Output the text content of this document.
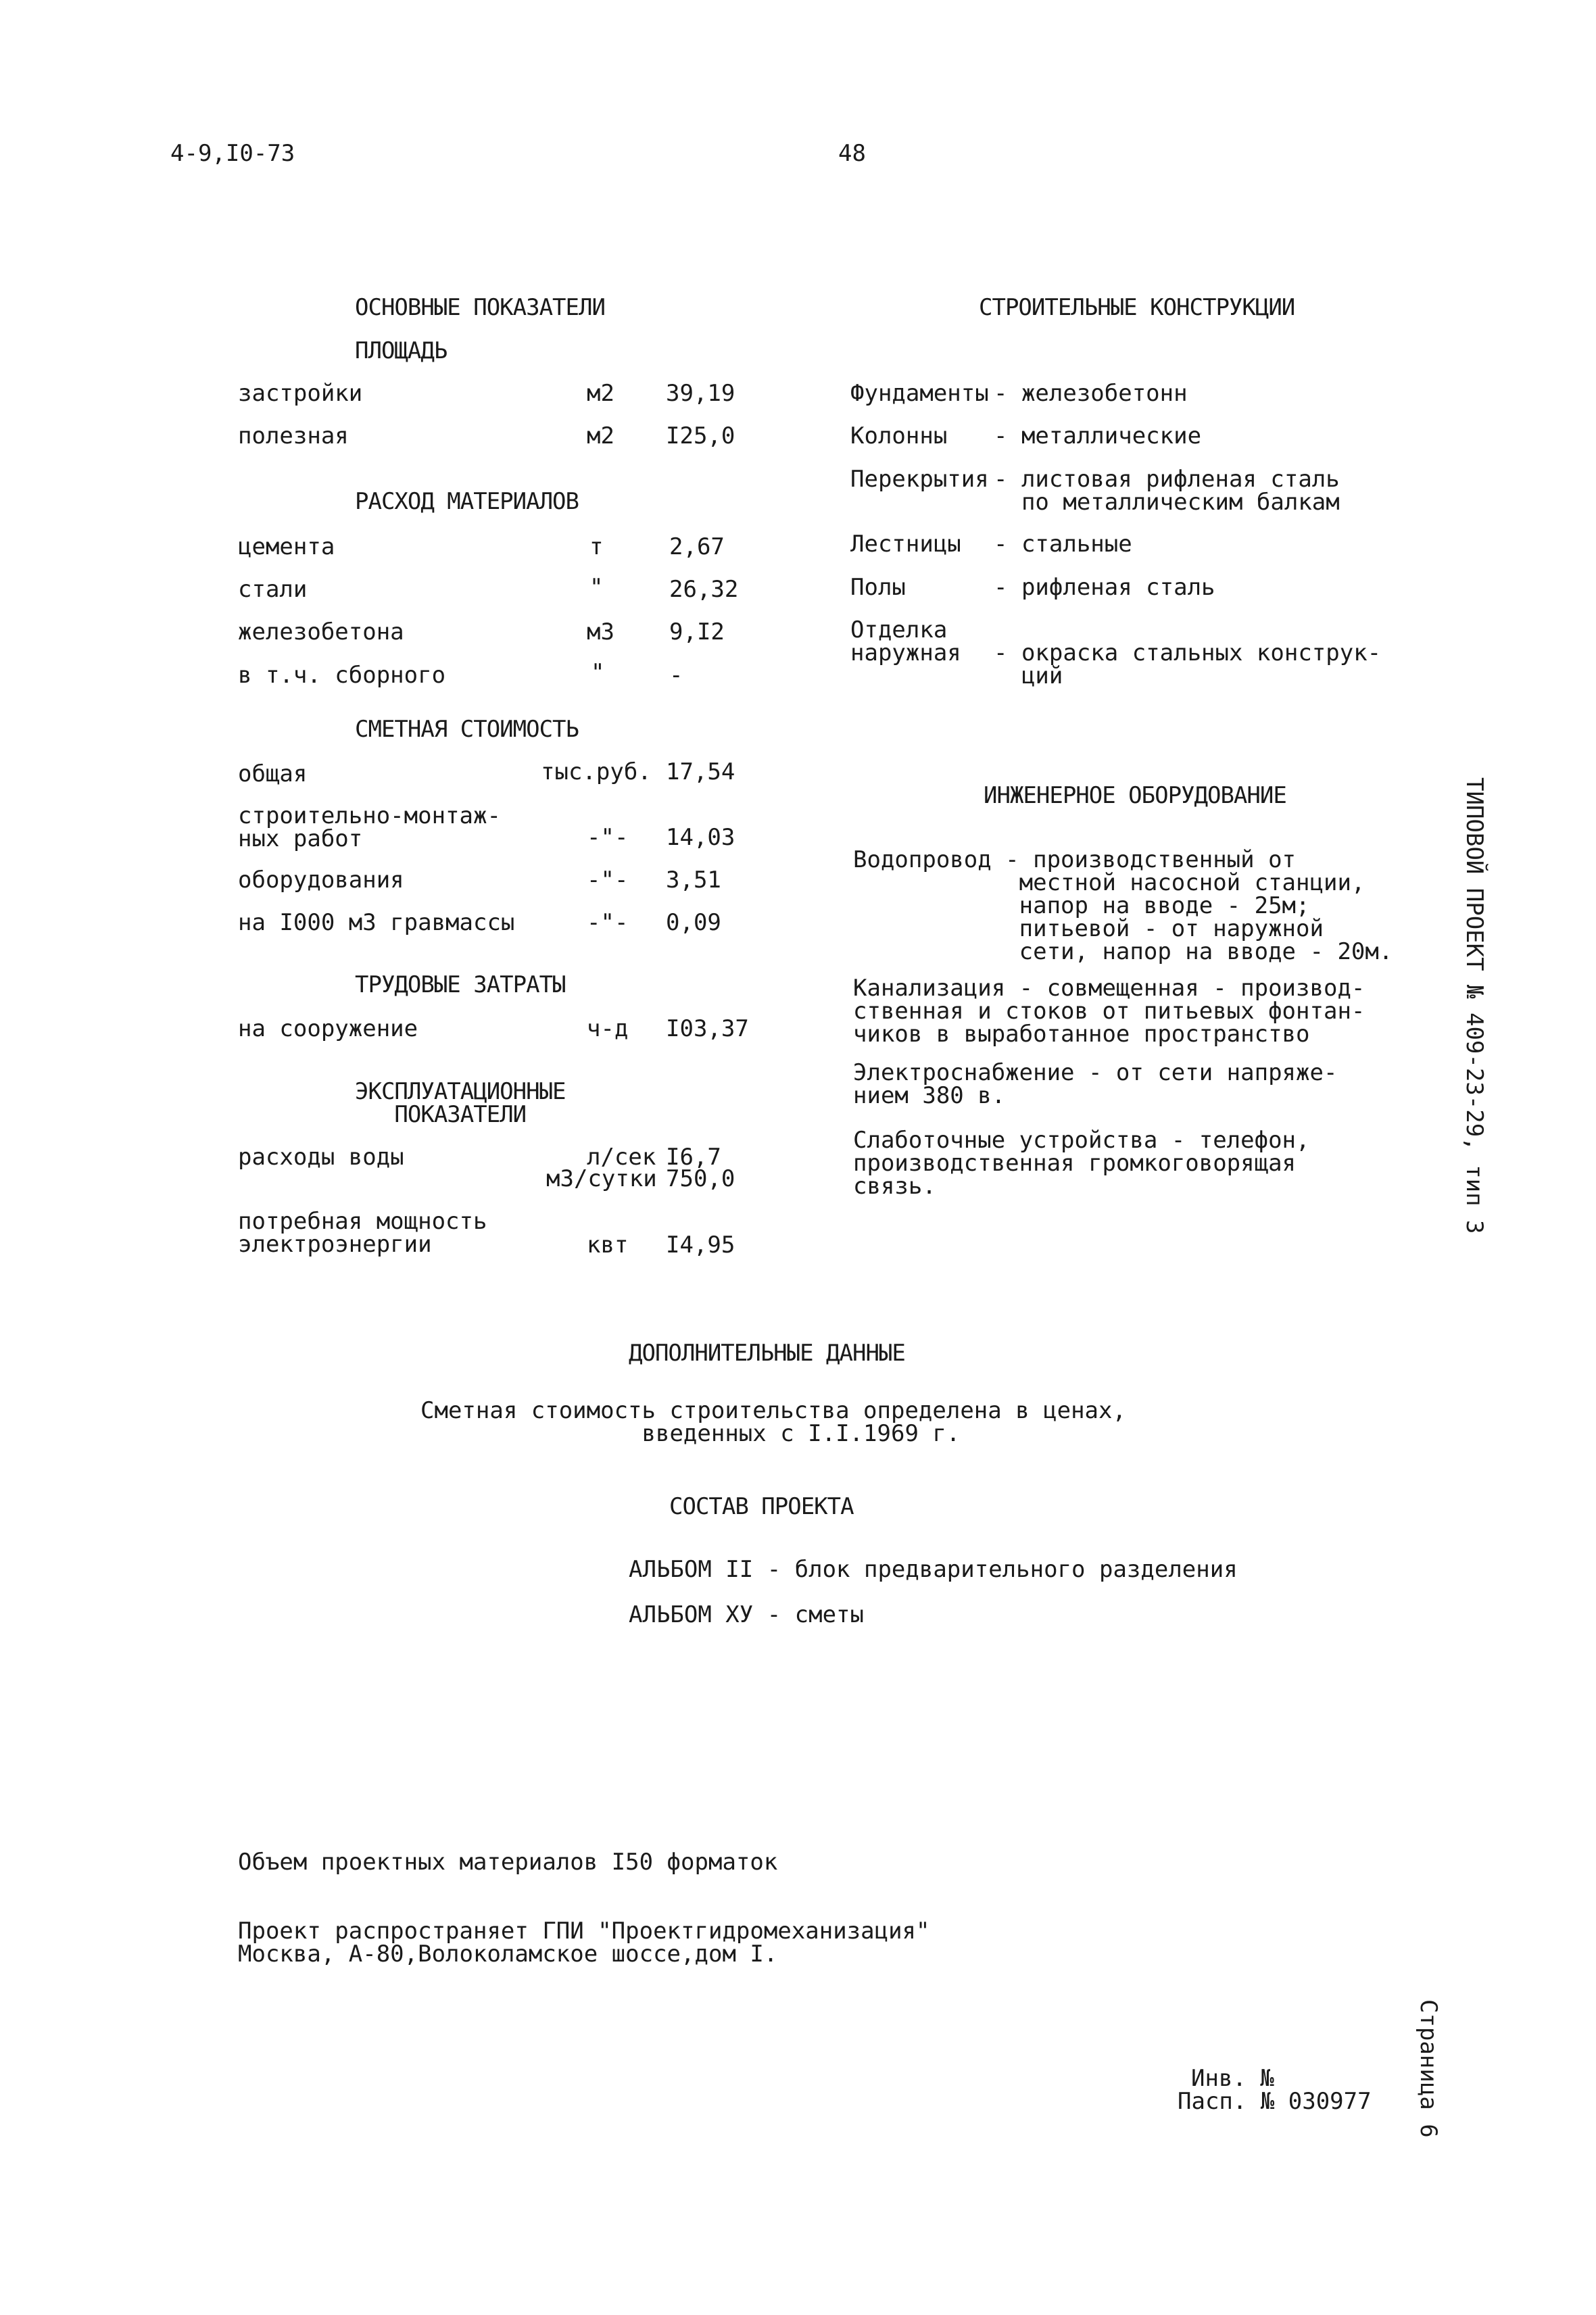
4-9,I0-73	48
ОСНОВНЫЕ ПОКАЗАТЕЛИ
ПЛОЩАДЬ
застройки	м2 39,19
полезная	м2 I25,0
РАСХОД МАТЕРИАЛОВ
цемента	т	2,67
стали	"	26,32
железобетона	м3 9,I2
в т.ч. сборного	"	-
СМЕТНАЯ СТОИМОСТЬ
общая	тыс.руб. 17,54
строительно-монтаж-
ных работ	-"- 14,03
оборудования	-"- 3,51
на I000 м3 гравмассы	-"- 0,09
ТРУДОВЫЕ ЗАТРАТЫ
на сооружение	ч-д I03,37
ЭКСПЛУАТАЦИОННЫЕ
ПОКАЗАТЕЛИ
расходы воды	л/сек I6,7
м3/сутки 750,0
потребная мощность
электроэнергии	квт I4,95
СТРОИТЕЛЬНЫЕ КОНСТРУКЦИИ
Фундаменты - железобетонн
Колонны - металлические
Перекрытия - листовая рифленая сталь
по металлическим балкам
Лестницы - стальные
Полы	- рифленая сталь
Отделка
наружная
- окраска стальных конструк-
ций
ИНЖЕНЕРНОЕ ОБОРУДОВАНИЕ
Водопровод - производственный от
местной насосной станции,
напор на вводе - 25м;
питьевой - от наружной
сети, напор на вводе - 20м.
Канализация - совмещенная - производ-
ственная и стоков от питьевых фонтан-
чиков в выработанное пространство
Электроснабжение - от сети напряже-
нием 380 в.
Слаботочные устройства - телефон,
производственная громкоговорящая
связь.	ТИПОВОЙ ПРОЕКТ № 409-23-29, тип 3
ДОПОЛНИТЕЛЬНЫЕ ДАННЫЕ
Сметная стоимость строительства определена в ценах,
введенных с I.I.1969 г.
СОСТАВ ПРОЕКТА
АЛЬБОМ II - блок предварительного разделения
АЛЬБОМ XУ - сметы
Объем проектных материалов I50 форматок
Проект распространяет ГПИ "Проектгидромеханизация"
Москва, А-80,Волоколамское шоссе,дом I.
Инв. №
Пасп. № 030977 Страница 6
